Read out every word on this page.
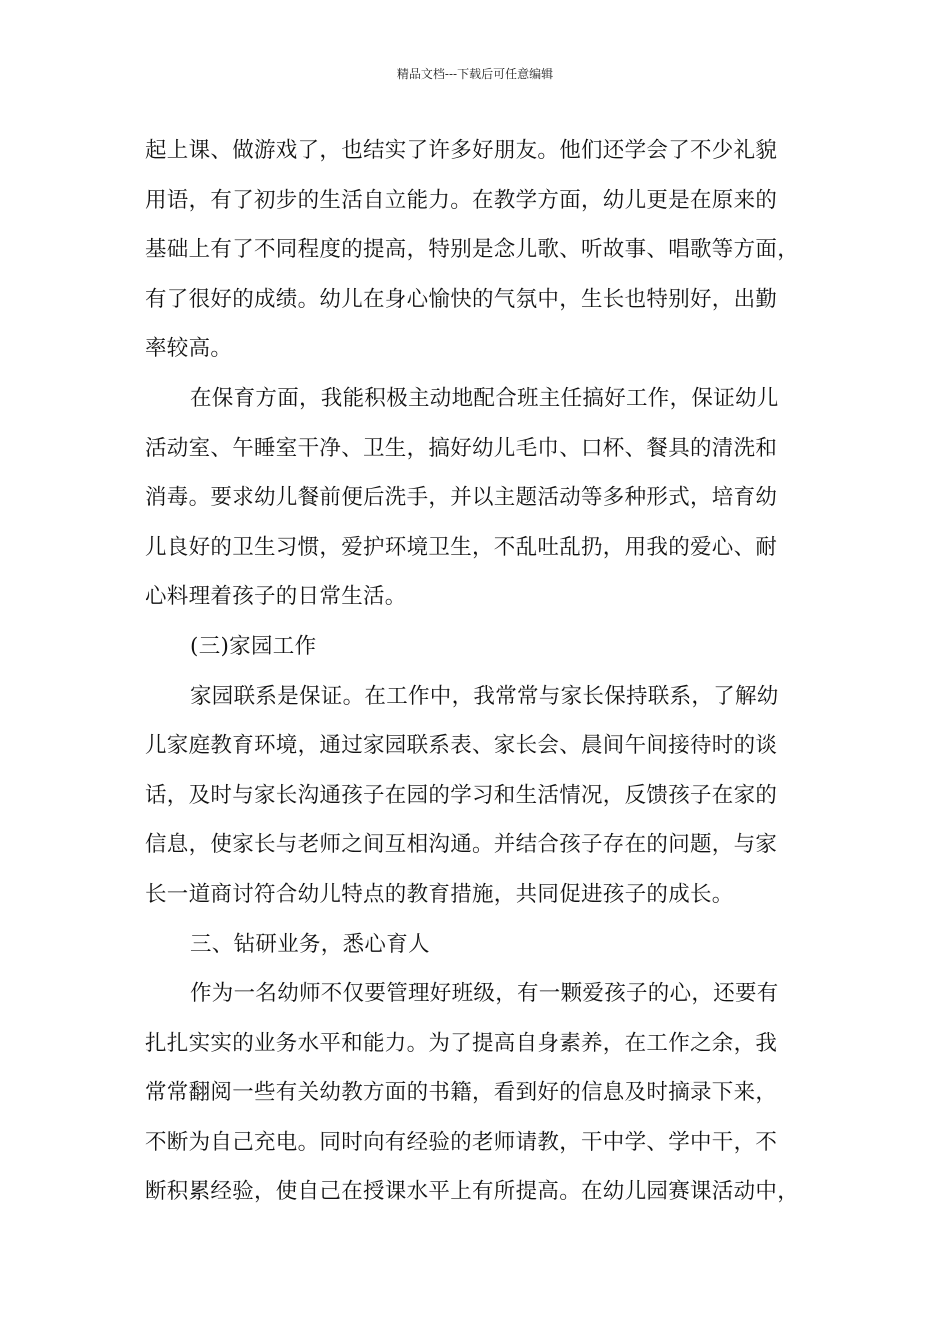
精品文档---下载后可任意编辑
起上课、做游戏了，也结实了许多好朋友。他们还学会了不少礼貌
用语，有了初步的生活自立能力。在教学方面，幼儿更是在原来的
基础上有了不同程度的提高，特别是念儿歌、听故事、唱歌等方面，
有了很好的成绩。幼儿在身心愉快的气氛中，生长也特别好，出勤
率较高。
在保育方面，我能积极主动地配合班主任搞好工作，保证幼儿
活动室、午睡室干净、卫生，搞好幼儿毛巾、口杯、餐具的清洗和
消毒。要求幼儿餐前便后洗手，并以主题活动等多种形式，培育幼
儿良好的卫生习惯，爱护环境卫生，不乱吐乱扔，用我的爱心、耐
心料理着孩子的日常生活。
(三)家园工作
家园联系是保证。在工作中，我常常与家长保持联系，了解幼
儿家庭教育环境，通过家园联系表、家长会、晨间午间接待时的谈
话，及时与家长沟通孩子在园的学习和生活情况，反馈孩子在家的
信息，使家长与老师之间互相沟通。并结合孩子存在的问题，与家
长一道商讨符合幼儿特点的教育措施，共同促进孩子的成长。
三、钻研业务，悉心育人
作为一名幼师不仅要管理好班级，有一颗爱孩子的心，还要有
扎扎实实的业务水平和能力。为了提高自身素养，在工作之余，我
常常翻阅一些有关幼教方面的书籍，看到好的信息及时摘录下来，
不断为自己充电。同时向有经验的老师请教，干中学、学中干，不
断积累经验，使自己在授课水平上有所提高。在幼儿园赛课活动中，
